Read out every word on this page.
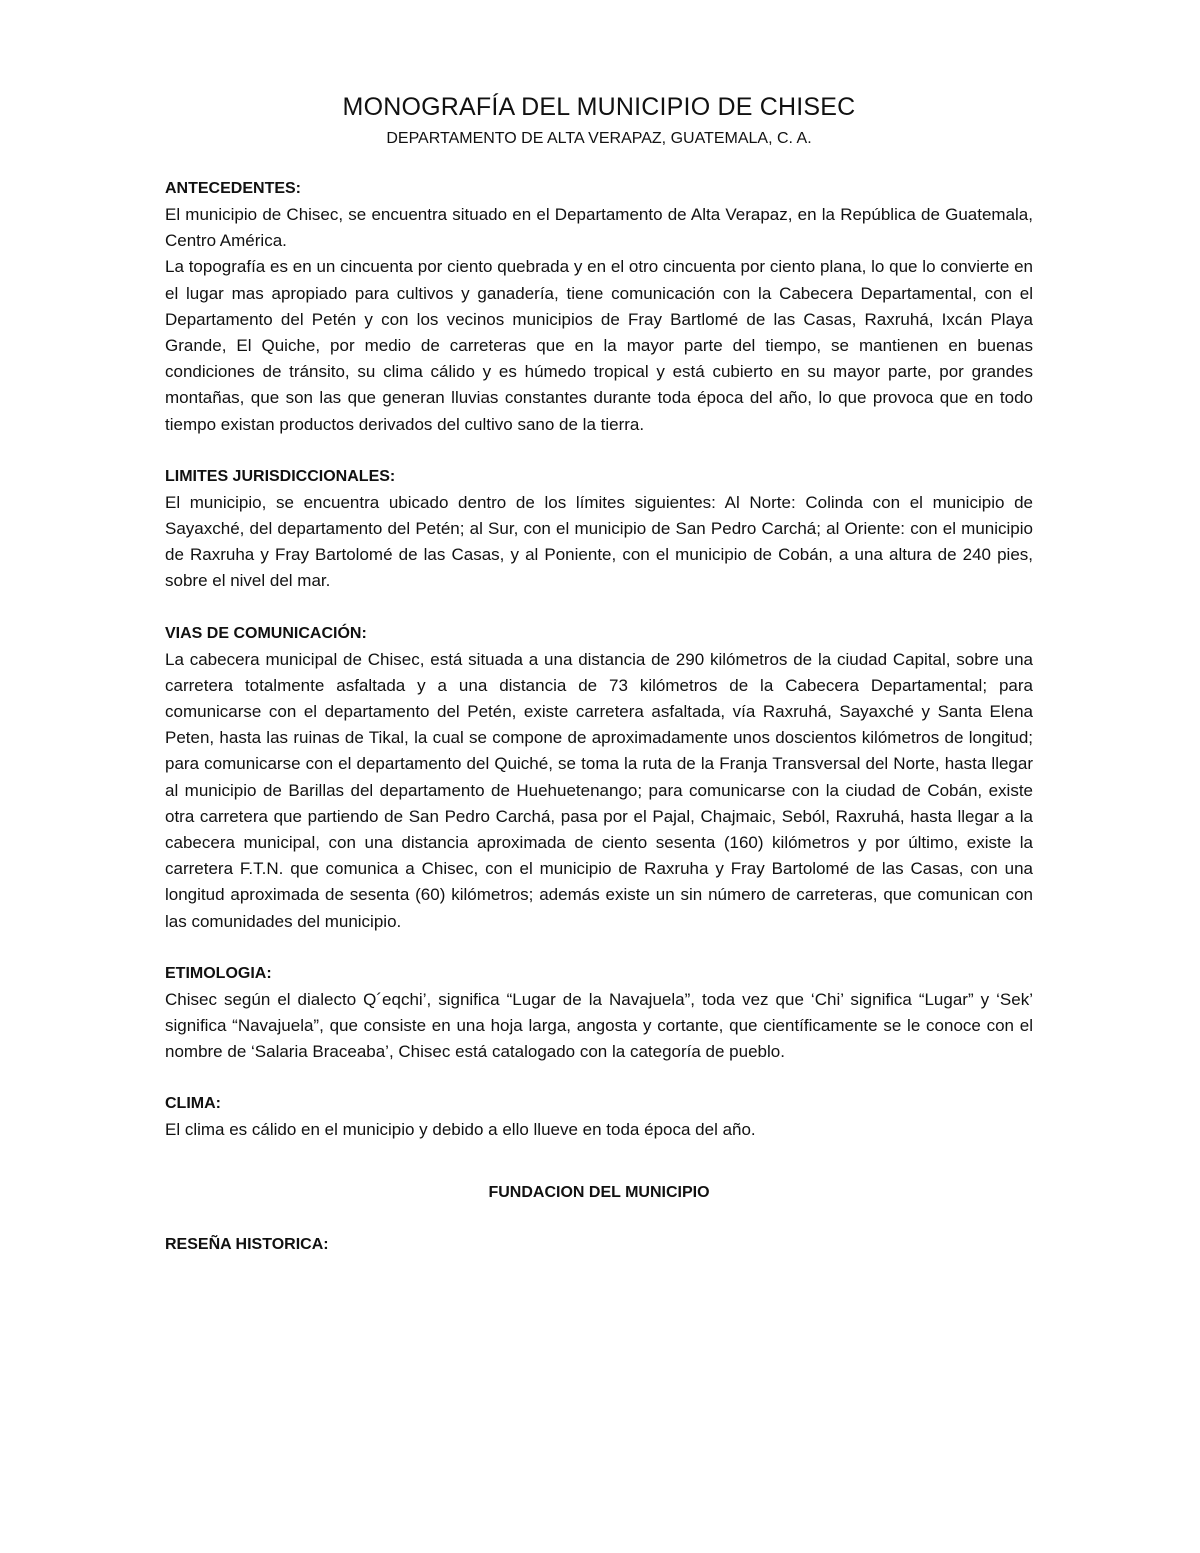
MONOGRAFÍA DEL MUNICIPIO DE CHISEC

DEPARTAMENTO DE ALTA VERAPAZ, GUATEMALA, C. A.

ANTECEDENTES:

El municipio de Chisec, se encuentra situado en el Departamento de Alta Verapaz, en la República de Guatemala, Centro América.

La topografía es en un cincuenta por ciento quebrada y en el otro cincuenta por ciento plana, lo que lo convierte en el lugar mas apropiado para cultivos y ganadería, tiene comunicación con la Cabecera Departamental, con el Departamento del Petén y con los vecinos municipios de Fray Bartlomé de las Casas, Raxruhá, Ixcán Playa Grande, El Quiche, por medio de carreteras que en la mayor parte del tiempo, se mantienen en buenas condiciones de tránsito, su clima cálido y es húmedo tropical y está cubierto en su mayor parte, por grandes montañas, que son las que generan lluvias constantes durante toda época del año, lo que provoca que en todo tiempo existan productos derivados del cultivo sano de la tierra.

LIMITES JURISDICCIONALES:

El municipio, se encuentra ubicado dentro de los límites siguientes: Al Norte: Colinda con el municipio de Sayaxché, del departamento del Petén; al Sur, con el municipio de San Pedro Carchá; al Oriente: con el municipio de Raxruha y Fray Bartolomé de las Casas, y al Poniente, con el municipio de Cobán, a una altura de 240 pies, sobre el nivel del mar.

VIAS DE COMUNICACIÓN:

La cabecera municipal de Chisec, está situada a una distancia de 290 kilómetros de la ciudad Capital, sobre una carretera totalmente asfaltada y a una distancia de 73 kilómetros de la Cabecera Departamental; para comunicarse con el departamento del Petén, existe carretera asfaltada, vía Raxruhá, Sayaxché y Santa Elena Peten, hasta las ruinas de Tikal, la cual se compone de aproximadamente unos doscientos kilómetros de longitud; para comunicarse con el departamento del Quiché, se toma la ruta de la Franja Transversal del Norte, hasta llegar al municipio de Barillas del departamento de Huehuetenango; para comunicarse con la ciudad de Cobán, existe otra carretera que partiendo de San Pedro Carchá, pasa por el Pajal, Chajmaic, Seból, Raxruhá, hasta llegar a la cabecera municipal, con una distancia aproximada de ciento sesenta (160) kilómetros y por último, existe la carretera F.T.N. que comunica a Chisec, con el municipio de Raxruha y Fray Bartolomé de las Casas, con una longitud aproximada de sesenta (60) kilómetros; además existe un sin número de carreteras, que comunican con las comunidades del municipio.

ETIMOLOGIA:

Chisec según el dialecto Q´eqchi’, significa “Lugar de la Navajuela”, toda vez que ‘Chi’ significa “Lugar” y ‘Sek’ significa “Navajuela”, que consiste en una hoja larga, angosta y cortante, que científicamente se le conoce con el nombre de ‘Salaria Braceaba’, Chisec está catalogado con la categoría de pueblo.

CLIMA:

El clima es cálido en el municipio y debido a ello llueve en toda época del año.

FUNDACION DEL MUNICIPIO

RESEÑA HISTORICA:
